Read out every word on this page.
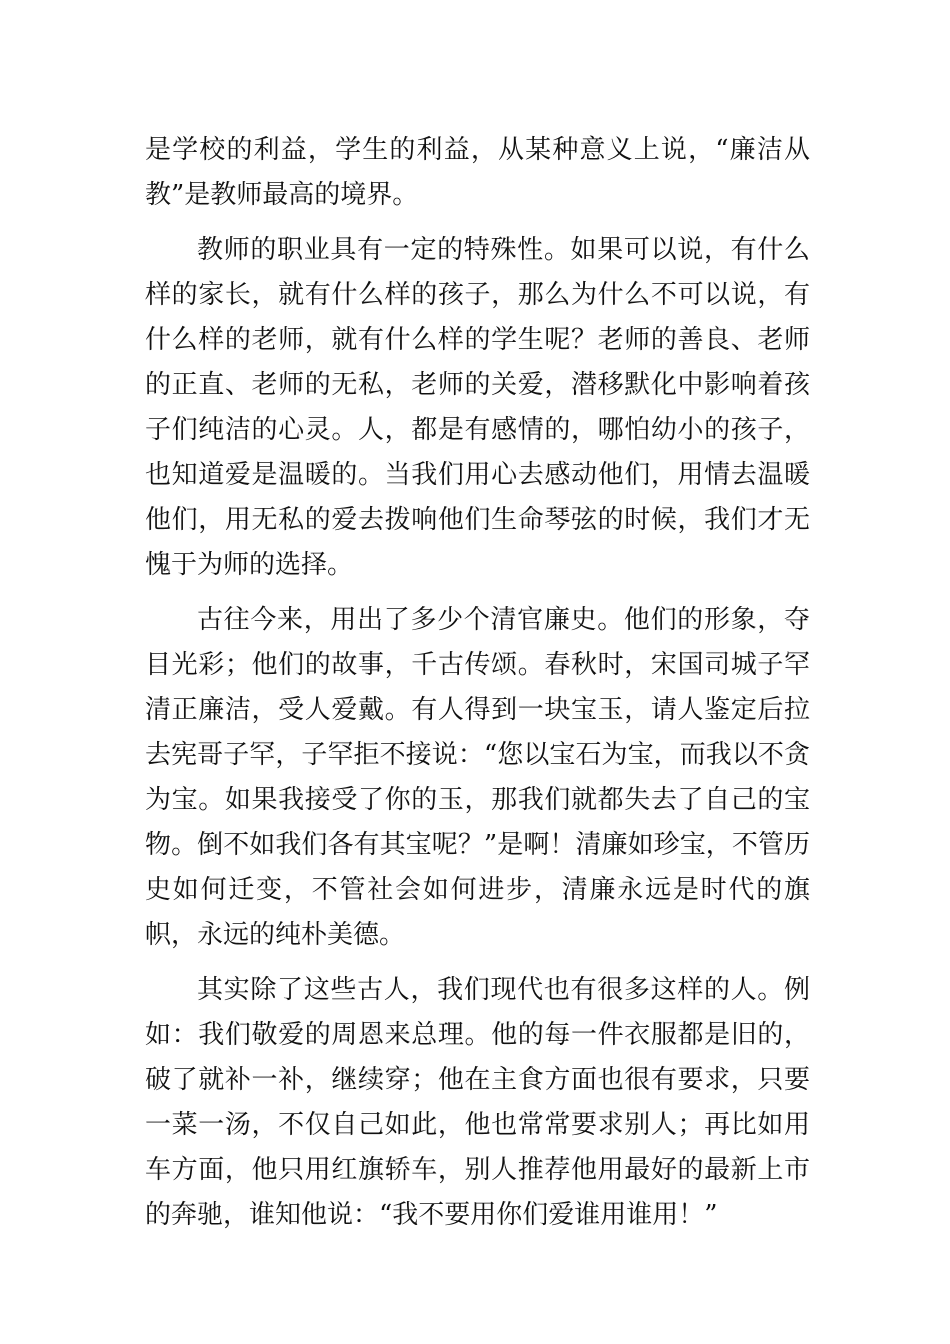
是学校的利益，学生的利益，从某种意义上说，“廉洁从教”是教师最高的境界。

教师的职业具有一定的特殊性。如果可以说，有什么样的家长，就有什么样的孩子，那么为什么不可以说，有什么样的老师，就有什么样的学生呢？老师的善良、老师的正直、老师的无私，老师的关爱，潜移默化中影响着孩子们纯洁的心灵。人，都是有感情的，哪怕幼小的孩子，也知道爱是温暖的。当我们用心去感动他们，用情去温暖他们，用无私的爱去拨响他们生命琴弦的时候，我们才无愧于为师的选择。

古往今来，用出了多少个清官廉史。他们的形象，夺目光彩；他们的故事，千古传颂。春秋时，宋国司城子罕清正廉洁，受人爱戴。有人得到一块宝玉，请人鉴定后拉去宪哥子罕，子罕拒不接说：“您以宝石为宝，而我以不贪为宝。如果我接受了你的玉，那我们就都失去了自己的宝物。倒不如我们各有其宝呢？”是啊！清廉如珍宝，不管历史如何迁变，不管社会如何进步，清廉永远是时代的旗帜，永远的纯朴美德。

其实除了这些古人，我们现代也有很多这样的人。例如：我们敬爱的周恩来总理。他的每一件衣服都是旧的，破了就补一补，继续穿；他在主食方面也很有要求，只要一菜一汤，不仅自己如此，他也常常要求别人；再比如用车方面，他只用红旗轿车，别人推荐他用最好的最新上市的奔驰，谁知他说：“我不要用你们爱谁用谁用！”
